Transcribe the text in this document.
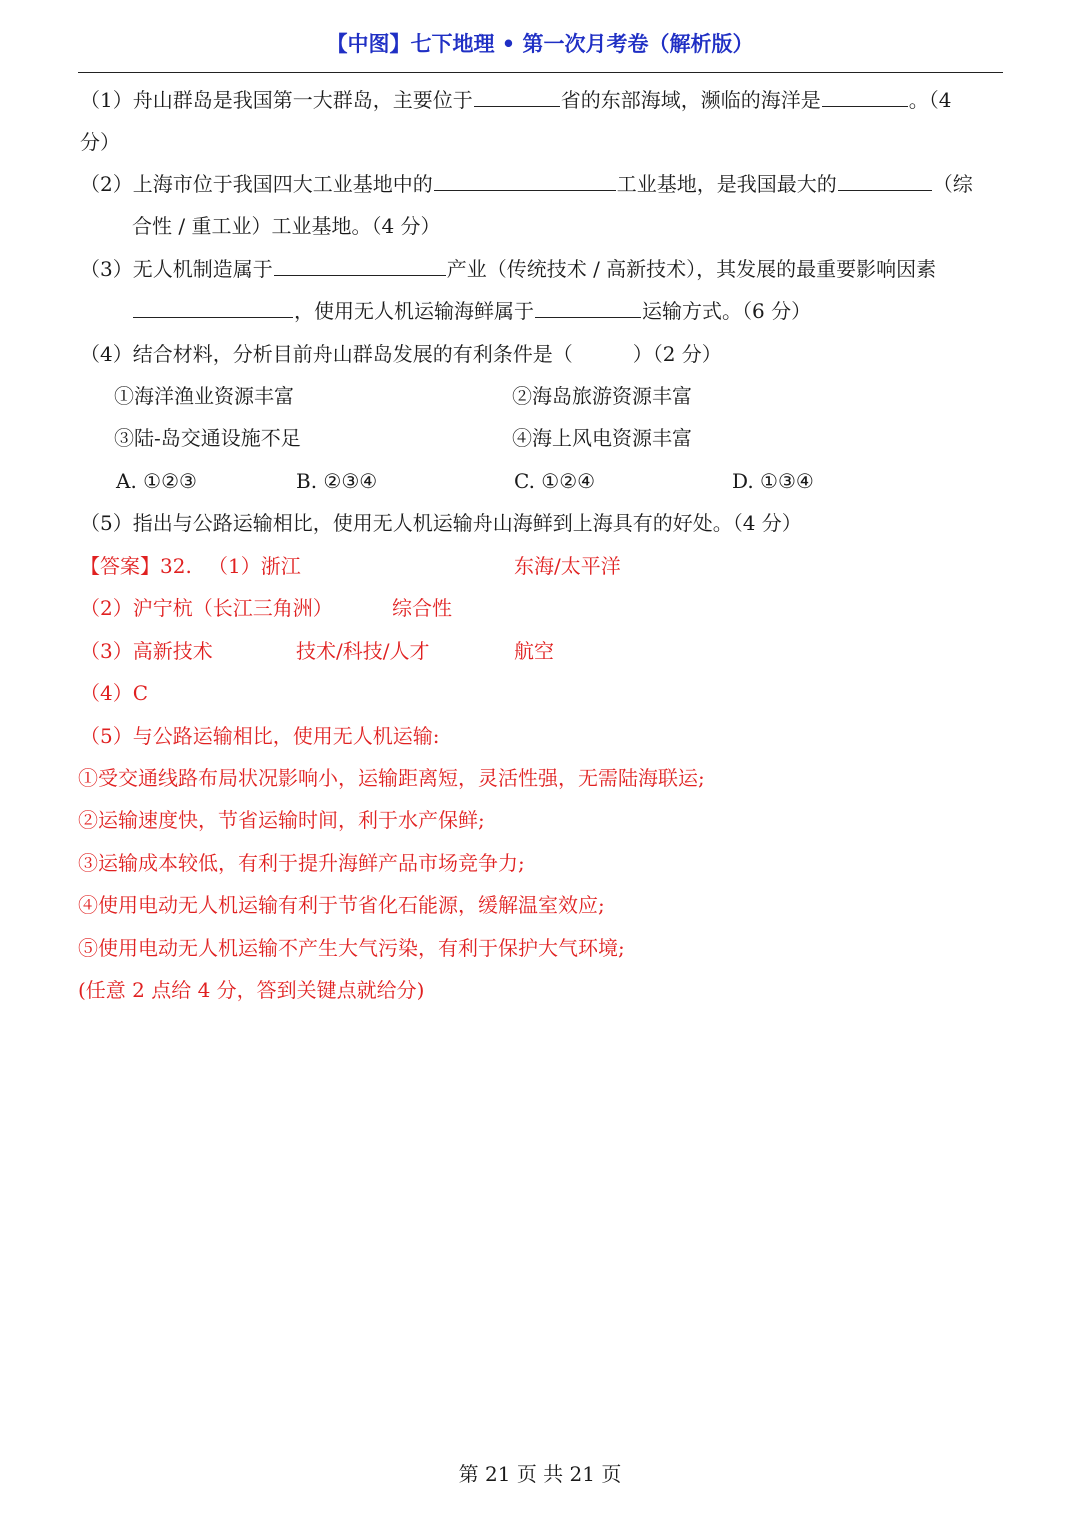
【中图】七下地理 • 第一次月考卷（解析版）
（1）舟山群岛是我国第一大群岛，主要位于	省的东部海域，濒临的海洋是	。（4
分）
（2）上海市位于我国四大工业基地中的	工业基地，是我国最大的	（综
合性 / 重工业）工业基地。（4 分）
（3）无人机制造属于	产业（传统技术 / 高新技术），其发展的最重要影响因素
，使用无人机运输海鲜属于	运输方式。（6 分）
（4）结合材料，分析目前舟山群岛发展的有利条件是（　　　）（2 分）
①海洋渔业资源丰富	②海岛旅游资源丰富
③陆-岛交通设施不足	④海上风电资源丰富
A. ①②③	B. ②③④	C. ①②④	D. ①③④
（5）指出与公路运输相比，使用无人机运输舟山海鲜到上海具有的好处。（4 分）
【答案】32. （1）浙江	东海/太平洋
（2）沪宁杭（长江三角洲）	综合性
（3）高新技术	技术/科技/人才	航空
（4）C
（5）与公路运输相比，使用无人机运输:
①受交通线路布局状况影响小，运输距离短，灵活性强，无需陆海联运;
②运输速度快，节省运输时间，利于水产保鲜;
③运输成本较低，有利于提升海鲜产品市场竞争力;
④使用电动无人机运输有利于节省化石能源，缓解温室效应;
⑤使用电动无人机运输不产生大气污染，有利于保护大气环境;
(任意 2 点给 4 分，答到关键点就给分)
第 21 页 共 21 页
